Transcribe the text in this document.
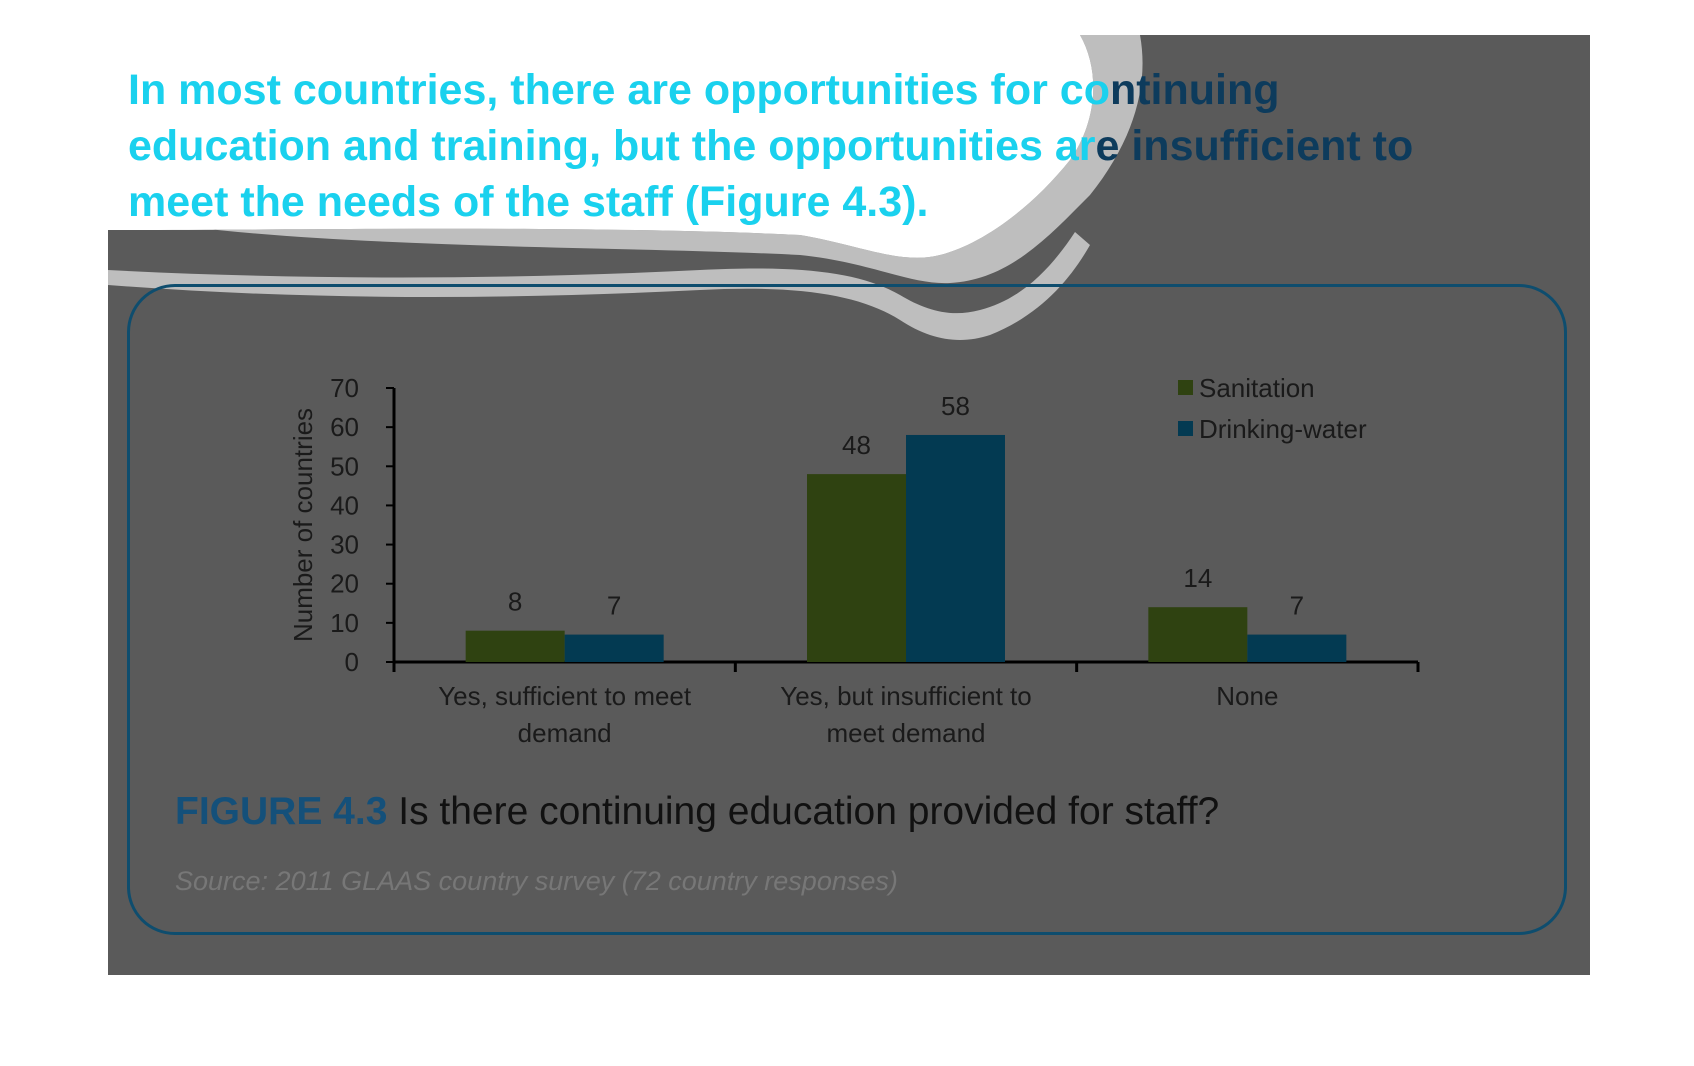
In most countries, there are opportunities for continuing
education and training, but the opportunities are insufficient to
meet the needs of the staff (Figure 4.3).
0
10
20
30
40
50
60
70
Number of countries	8	7
Yes, sufficient to meet
demand
48
58
Yes, but insufficient to
meet demand
14
7
None
Sanitation
Drinking-water

FIGURE 4.3 Is there continuing education provided for staff?

Source: 2011 GLAAS country survey (72 country responses)
